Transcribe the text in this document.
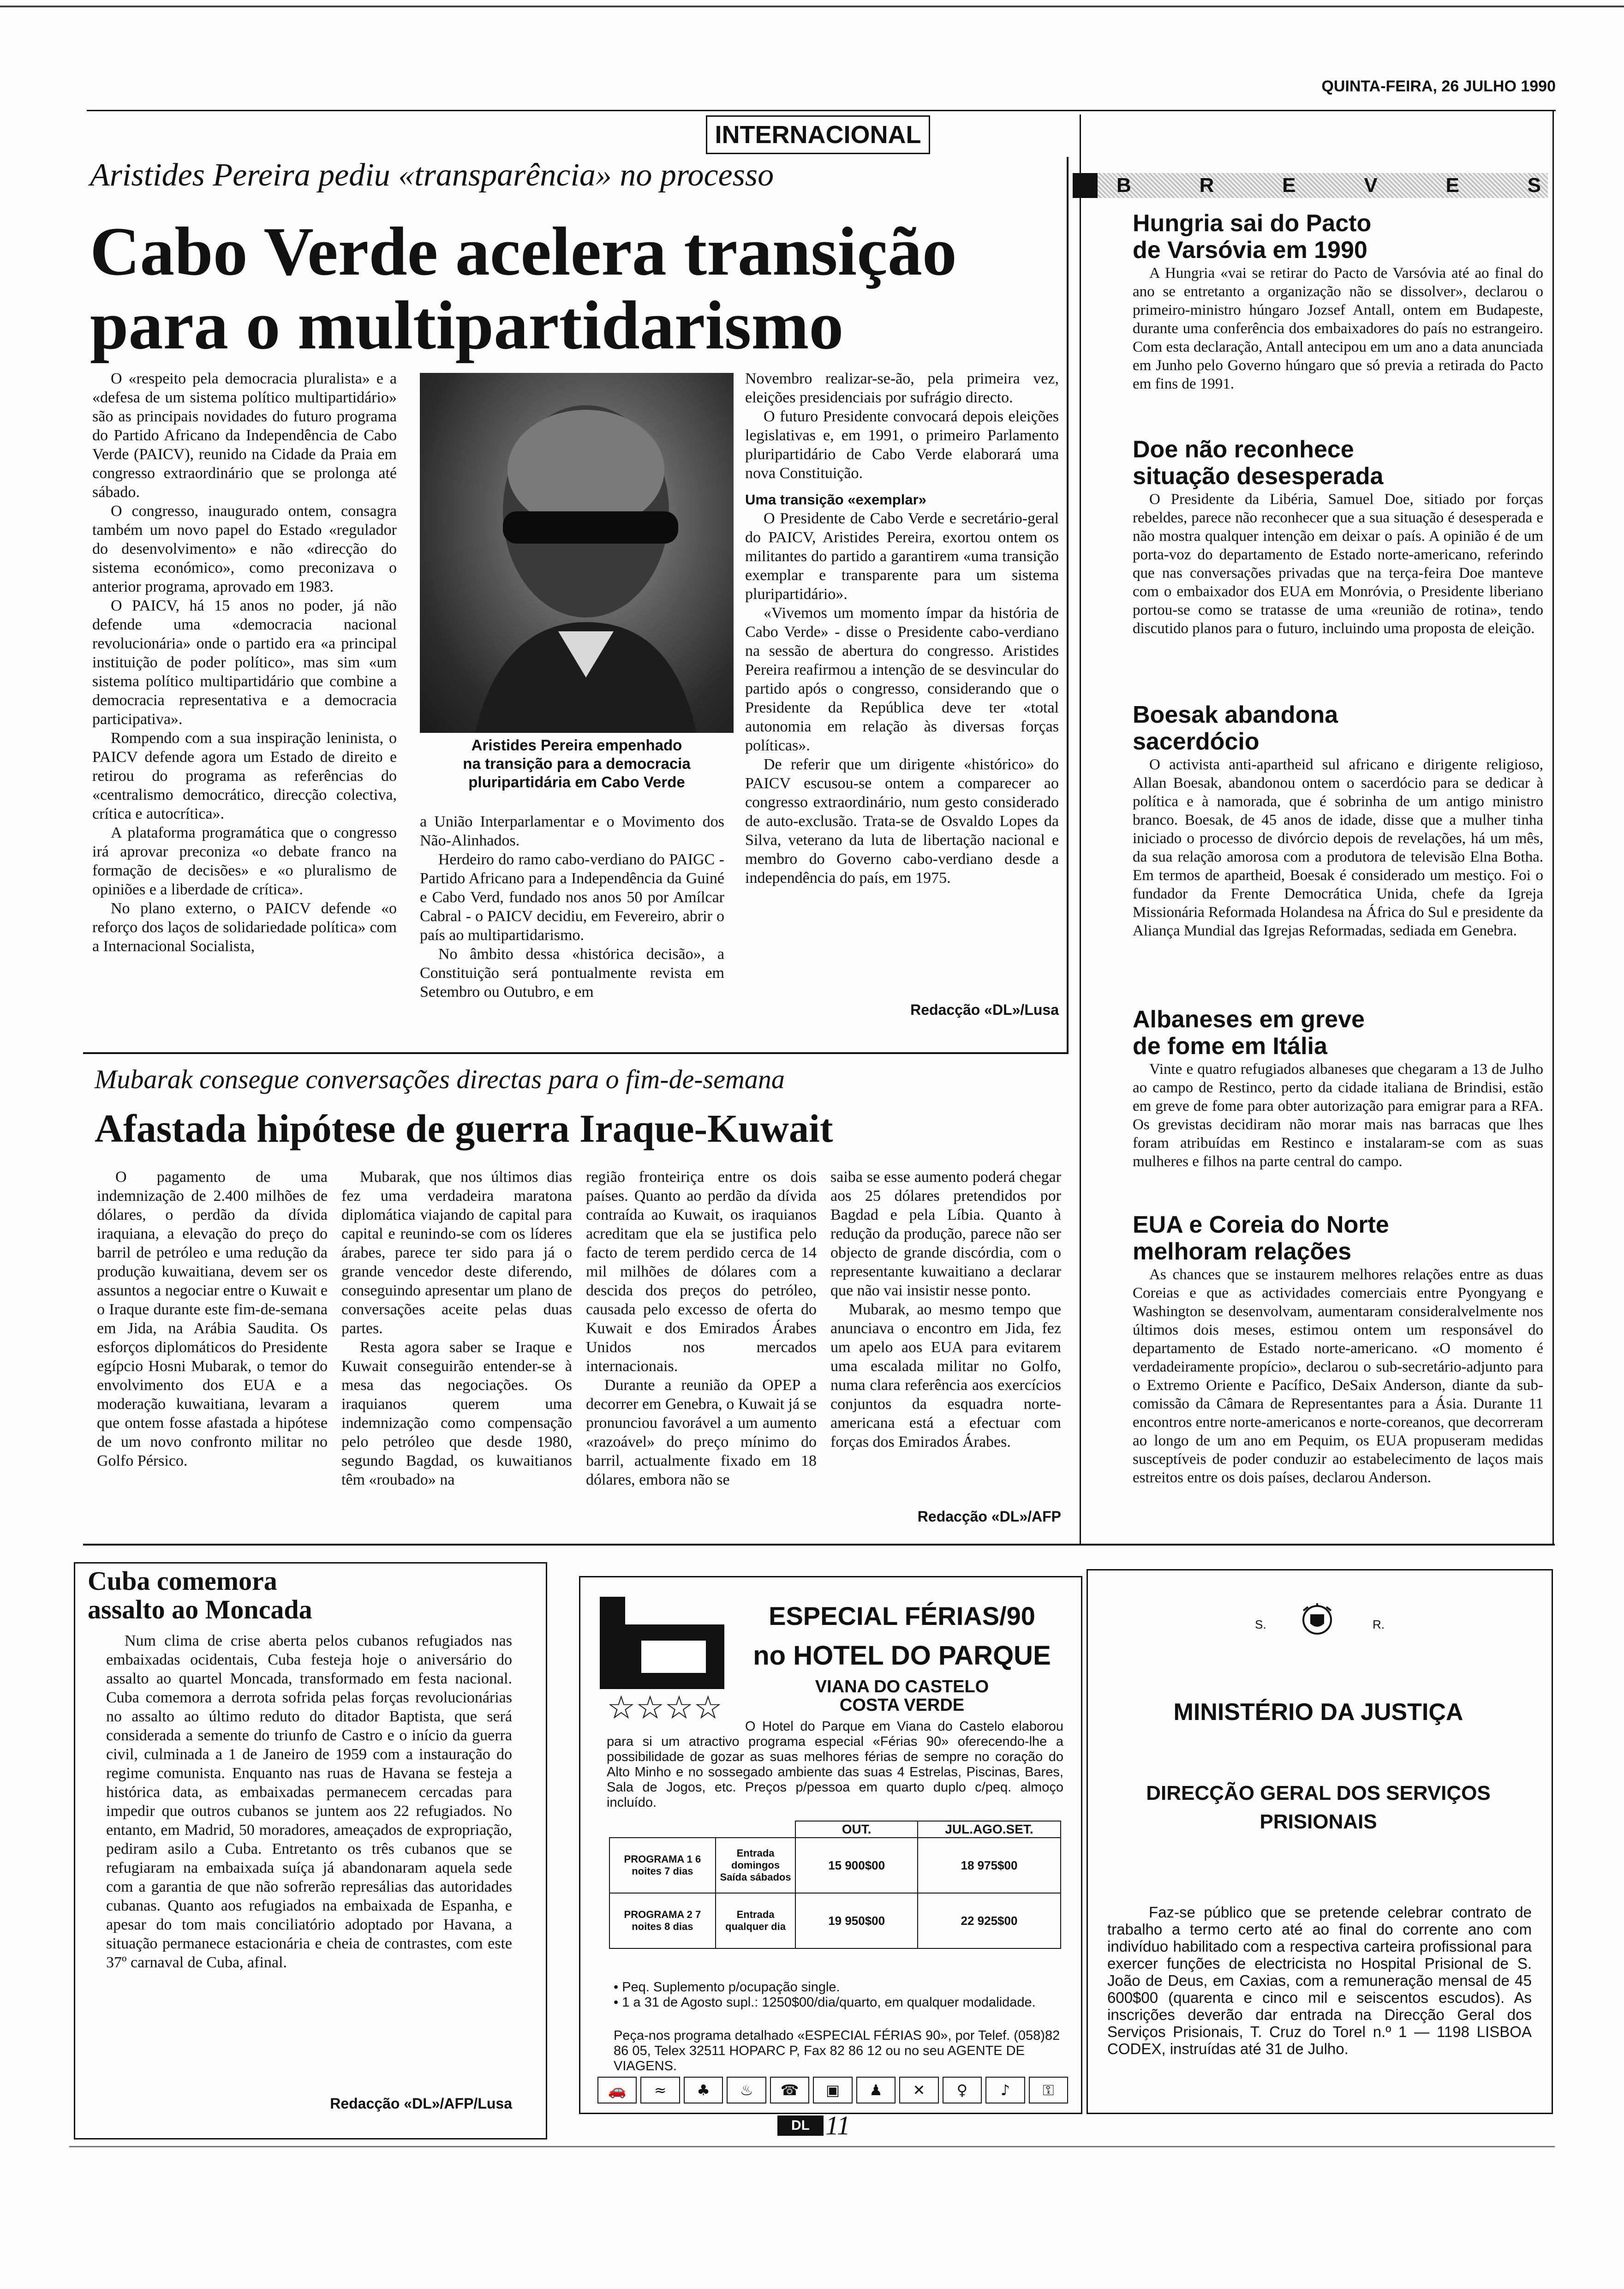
QUINTA-FEIRA, 26 JULHO 1990
INTERNACIONAL
Aristides Pereira pediu «transparência» no processo
Cabo Verde acelera transição
para o multipartidarismo

O «respeito pela democracia pluralista» e a «defesa de um sistema político multipartidário» são as principais novidades do futuro programa do Partido Africano da Independência de Cabo Verde (PAICV), reunido na Cidade da Praia em congresso extraordinário que se prolonga até sábado.

O congresso, inaugurado ontem, consagra também um novo papel do Estado «regulador do desenvolvimento» e não «direcção do sistema económico», como preconizava o anterior programa, aprovado em 1983.

O PAICV, há 15 anos no poder, já não defende uma «democracia nacional revolucionária» onde o partido era «a principal instituição de poder político», mas sim «um sistema político multipartidário que combine a democracia representativa e a democracia participativa».

Rompendo com a sua inspiração leninista, o PAICV defende agora um Estado de direito e retirou do programa as referências do «centralismo democrático, direcção colectiva, crítica e autocrítica».

A plataforma programática que o congresso irá aprovar preconiza «o debate franco na formação de decisões» e «o pluralismo de opiniões e a liberdade de crítica».

No plano externo, o PAICV defende «o reforço dos laços de solidariedade política» com a Internacional Socialista,

Aristides Pereira empenhado
na transição para a democracia
pluripartidária em Cabo Verde

a União Interparlamentar e o Movimento dos Não-Alinhados.

Herdeiro do ramo cabo-verdiano do PAIGC - Partido Africano para a Independência da Guiné e Cabo Verd, fundado nos anos 50 por Amílcar Cabral - o PAICV decidiu, em Fevereiro, abrir o país ao multipartidarismo.

No âmbito dessa «histórica decisão», a Constituição será pontualmente revista em Setembro ou Outubro, e em

Novembro realizar-se-ão, pela primeira vez, eleições presidenciais por sufrágio directo.

O futuro Presidente convocará depois eleições legislativas e, em 1991, o primeiro Parlamento pluripartidário de Cabo Verde elaborará uma nova Constituição.

Uma transição «exemplar»

O Presidente de Cabo Verde e secretário-geral do PAICV, Aristides Pereira, exortou ontem os militantes do partido a garantirem «uma transição exemplar e transparente para um sistema pluripartidário».

«Vivemos um momento ímpar da história de Cabo Verde» - disse o Presidente cabo-verdiano na sessão de abertura do congresso. Aristides Pereira reafirmou a intenção de se desvincular do partido após o congresso, considerando que o Presidente da República deve ter «total autonomia em relação às diversas forças políticas».

De referir que um dirigente «histórico» do PAICV escusou-se ontem a comparecer ao congresso extraordinário, num gesto considerado de auto-exclusão. Trata-se de Osvaldo Lopes da Silva, veterano da luta de libertação nacional e membro do Governo cabo-verdiano desde a independência do país, em 1975.

Redacção «DL»/Lusa
Mubarak consegue conversações directas para o fim-de-semana
Afastada hipótese de guerra Iraque-Kuwait

O pagamento de uma indemnização de 2.400 milhões de dólares, o perdão da dívida iraquiana, a elevação do preço do barril de petróleo e uma redução da produção kuwaitiana, devem ser os assuntos a negociar entre o Kuwait e o Iraque durante este fim-de-semana em Jida, na Arábia Saudita. Os esforços diplomáticos do Presidente egípcio Hosni Mubarak, o temor do envolvimento dos EUA e a moderação kuwaitiana, levaram a que ontem fosse afastada a hipótese de um novo confronto militar no Golfo Pérsico.

Mubarak, que nos últimos dias fez uma verdadeira maratona diplomática viajando de capital para capital e reunindo-se com os líderes árabes, parece ter sido para já o grande vencedor deste diferendo, conseguindo apresentar um plano de conversações aceite pelas duas partes.

Resta agora saber se Iraque e Kuwait conseguirão entender-se à mesa das negociações. Os iraquianos querem uma indemnização como compensação pelo petróleo que desde 1980, segundo Bagdad, os kuwaitianos têm «roubado» na

região fronteiriça entre os dois países. Quanto ao perdão da dívida contraída ao Kuwait, os iraquianos acreditam que ela se justifica pelo facto de terem perdido cerca de 14 mil milhões de dólares com a descida dos preços do petróleo, causada pelo excesso de oferta do Kuwait e dos Emirados Árabes Unidos nos mercados internacionais.

Durante a reunião da OPEP a decorrer em Genebra, o Kuwait já se pronunciou favorável a um aumento «razoável» do preço mínimo do barril, actualmente fixado em 18 dólares, embora não se

saiba se esse aumento poderá chegar aos 25 dólares pretendidos por Bagdad e pela Líbia. Quanto à redução da produção, parece não ser objecto de grande discórdia, com o representante kuwaitiano a declarar que não vai insistir nesse ponto.

Mubarak, ao mesmo tempo que anunciava o encontro em Jida, fez um apelo aos EUA para evitarem uma escalada militar no Golfo, numa clara referência aos exercícios conjuntos da esquadra norte-americana está a efectuar com forças dos Emirados Árabes.

Redacção «DL»/AFP
B	R	E	V	E	S
Hungria sai do Pacto
de Varsóvia em 1990

A Hungria «vai se retirar do Pacto de Varsóvia até ao final do ano se entretanto a organização não se dissolver», declarou o primeiro-ministro húngaro Jozsef Antall, ontem em Budapeste, durante uma conferência dos embaixadores do país no estrangeiro. Com esta declaração, Antall antecipou em um ano a data anunciada em Junho pelo Governo húngaro que só previa a retirada do Pacto em fins de 1991.

Doe não reconhece
situação desesperada

O Presidente da Libéria, Samuel Doe, sitiado por forças rebeldes, parece não reconhecer que a sua situação é desesperada e não mostra qualquer intenção em deixar o país. A opinião é de um porta-voz do departamento de Estado norte-americano, referindo que nas conversações privadas que na terça-feira Doe manteve com o embaixador dos EUA em Monróvia, o Presidente liberiano portou-se como se tratasse de uma «reunião de rotina», tendo discutido planos para o futuro, incluindo uma proposta de eleição.

Boesak abandona
sacerdócio

O activista anti-apartheid sul africano e dirigente religioso, Allan Boesak, abandonou ontem o sacerdócio para se dedicar à política e à namorada, que é sobrinha de um antigo ministro branco. Boesak, de 45 anos de idade, disse que a mulher tinha iniciado o processo de divórcio depois de revelações, há um mês, da sua relação amorosa com a produtora de televisão Elna Botha. Em termos de apartheid, Boesak é considerado um mestiço. Foi o fundador da Frente Democrática Unida, chefe da Igreja Missionária Reformada Holandesa na África do Sul e presidente da Aliança Mundial das Igrejas Reformadas, sediada em Genebra.

Albaneses em greve
de fome em Itália

Vinte e quatro refugiados albaneses que chegaram a 13 de Julho ao campo de Restinco, perto da cidade italiana de Brindisi, estão em greve de fome para obter autorização para emigrar para a RFA. Os grevistas decidiram não morar mais nas barracas que lhes foram atribuídas em Restinco e instalaram-se com as suas mulheres e filhos na parte central do campo.

EUA e Coreia do Norte
melhoram relações

As chances que se instaurem melhores relações entre as duas Coreias e que as actividades comerciais entre Pyongyang e Washington se desenvolvam, aumentaram consideralvelmente nos últimos dois meses, estimou ontem um responsável do departamento de Estado norte-americano. «O momento é verdadeiramente propício», declarou o sub-secretário-adjunto para o Extremo Oriente e Pacífico, DeSaix Anderson, diante da sub-comissão da Câmara de Representantes para a Ásia. Durante 11 encontros entre norte-americanos e norte-coreanos, que decorreram ao longo de um ano em Pequim, os EUA propuseram medidas susceptíveis de poder conduzir ao estabelecimento de laços mais estreitos entre os dois países, declarou Anderson.

Cuba comemora
assalto ao Moncada

Num clima de crise aberta pelos cubanos refugiados nas embaixadas ocidentais, Cuba festeja hoje o aniversário do assalto ao quartel Moncada, transformado em festa nacional. Cuba comemora a derrota sofrida pelas forças revolucionárias no assalto ao último reduto do ditador Baptista, que será considerada a semente do triunfo de Castro e o início da guerra civil, culminada a 1 de Janeiro de 1959 com a instauração do regime comunista. Enquanto nas ruas de Havana se festeja a histórica data, as embaixadas permanecem cercadas para impedir que outros cubanos se juntem aos 22 refugiados. No entanto, em Madrid, 50 moradores, ameaçados de expropriação, pediram asilo a Cuba. Entretanto os três cubanos que se refugiaram na embaixada suíça já abandonaram aquela sede com a garantia de que não sofrerão represálias das autoridades cubanas. Quanto aos refugiados na embaixada de Espanha, e apesar do tom mais conciliatório adoptado por Havana, a situação permanece estacionária e cheia de contrastes, com este 37º carnaval de Cuba, afinal.

Redacção «DL»/AFP/Lusa
ESPECIAL FÉRIAS/90
no HOTEL DO PARQUE
VIANA DO CASTELO
COSTA VERDE
☆☆☆☆	O Hotel do Parque em Viana do Castelo elaborou para si um atractivo programa especial «Férias 90» oferecendo-lhe a possibilidade de gozar as suas melhores férias de sempre no coração do Alto Minho e no sossegado ambiente das suas 4 Estrelas, Piscinas, Bares, Sala de Jogos, etc. Preços p/pessoa em quarto duplo c/peq. almoço incluído.
		OUT.	JUL.AGO.SET.
PROGRAMA 1 6 noites 7 dias	Entrada domingos Saída sábados	15 900$00	18 975$00
PROGRAMA 2 7 noites 8 dias	Entrada qualquer dia	19 950$00	22 925$00
• Peq. Suplemento p/ocupação single.
• 1 a 31 de Agosto supl.: 1250$00/dia/quarto, em qualquer modalidade.
Peça-nos programa detalhado «ESPECIAL FÉRIAS 90», por Telef. (058)82 86 05, Telex 32511 HOPARC P, Fax 82 86 12 ou no seu AGENTE DE VIAGENS.
🚗	≈	♣	♨	☎	▣	♟	✕	♀	♪	⚿
S.	R.
MINISTÉRIO DA JUSTIÇA
DIRECÇÃO GERAL DOS SERVIÇOS
PRISIONAIS
Faz-se público que se pretende celebrar contrato de trabalho a termo certo até ao final do corrente ano com indivíduo habilitado com a respectiva carteira profissional para exercer funções de electricista no Hospital Prisional de S. João de Deus, em Caxias, com a remuneração mensal de 45 600$00 (quarenta e cinco mil e seiscentos escudos). As inscrições deverão dar entrada na Direcção Geral dos Serviços Prisionais, T. Cruz do Torel n.º 1 — 1198 LISBOA CODEX, instruídas até 31 de Julho.
DL 11
